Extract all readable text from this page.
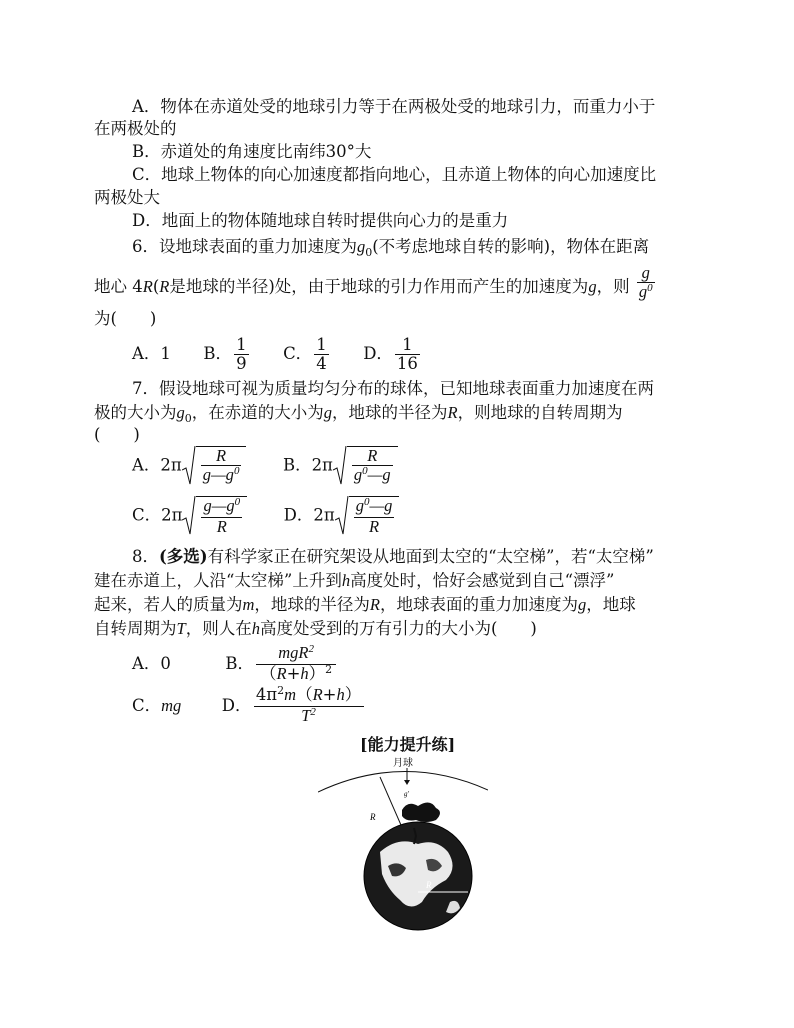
A．物体在赤道处受的地球引力等于在两极处受的地球引力，而重力小于
在两极处的
B．赤道处的角速度比南纬30°大
C．地球上物体的向心加速度都指向地心，且赤道上物体的向心加速度比
两极处大
D．地面上的物体随地球自转时提供向心力的是重力
6．设地球表面的重力加速度为$g_0$(不考虑地球自转的影响)，物体在距离
地心 4R(R是地球的半径)处，由于地球的引力作用而产生的加速度为g，则 $\frac{g}{g^0}$
为(　　)
A．1 B． $\frac{1}{9}$ C． $\frac{1}{4}$ D． $\frac{1}{16}$
7．假设地球可视为质量均匀分布的球体，已知地球表面重力加速度在两
极的大小为$g_0$，在赤道的大小为g，地球的半径为R，则地球的自转周期为
(　　)
A．$2\pi \frac{R}{g—g^0}$	B．$2\pi \frac{R}{g^0—g}$
C．$2\pi \frac{g—g^0}{R}$	D．$2\pi \frac{g^0—g}{R}$
8．(多选)有科学家正在研究架设从地面到太空的“太空梯”，若“太空梯”
建在赤道上，人沿“太空梯”上升到h高度处时，恰好会感觉到自己“漂浮”
起来，若人的质量为m，地球的半径为R，地球表面的重力加速度为g，地球
自转周期为T，则人在h高度处受到的万有引力的大小为(　　)
A．0	B． $\frac{mgR^2}{(R+h)^2}$
C．mg D． $\frac{4\pi^2m(R+h)}{T^2}$
[能力提升练]
月球
g'
R
R
